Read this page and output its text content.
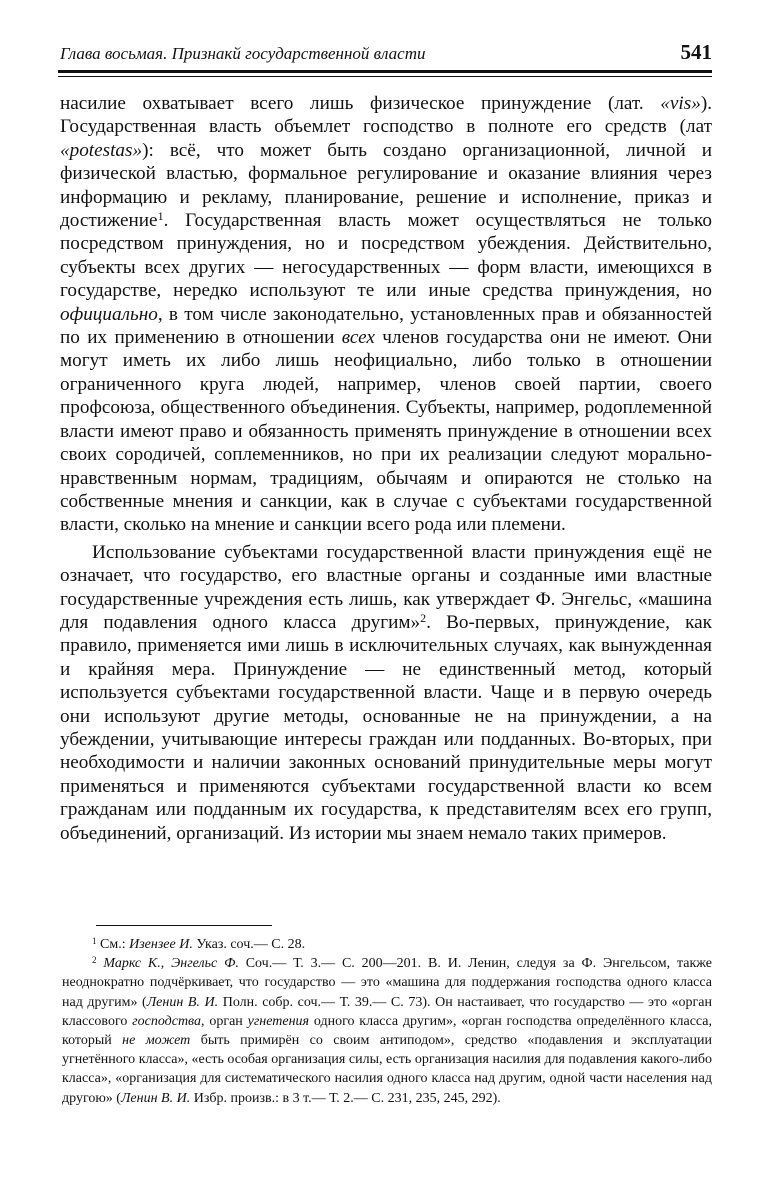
Глава восьмая. Признакй государственной власти	541

насилие охватывает всего лишь физическое принуждение (лат. «vis»). Государственная власть объемлет господство в полноте его средств (лат «potestas»): всё, что может быть создано организационной, личной и физической властью, формальное регулирование и оказание влияния через информацию и рекламу, планирование, решение и исполнение, приказ и достижение$^1$. Государственная власть может осуществляться не только посредством принуждения, но и посредством убеждения. Действительно, субъекты всех других — негосударственных — форм власти, имеющихся в государстве, нередко используют те или иные средства принуждения, но официально, в том числе законодательно, установленных прав и обязанностей по их применению в отношении всех членов государства они не имеют. Они могут иметь их либо лишь неофициально, либо только в отношении ограниченного круга людей, например, членов своей партии, своего профсоюза, общественного объединения. Субъекты, например, родоплеменной власти имеют право и обязанность применять принуждение в отношении всех своих сородичей, соплеменников, но при их реализации следуют морально-нравственным нормам, традициям, обычаям и опираются не столько на собственные мнения и санкции, как в случае с субъектами государственной власти, сколько на мнение и санкции всего рода или племени.

Использование субъектами государственной власти принуждения ещё не означает, что государство, его властные органы и созданные ими властные государственные учреждения есть лишь, как утверждает Ф. Энгельс, «машина для подавления одного класса другим»$^2$. Во-первых, принуждение, как правило, применяется ими лишь в исключительных случаях, как вынужденная и крайняя мера. Принуждение — не единственный метод, который используется субъектами государственной власти. Чаще и в первую очередь они используют другие методы, основанные не на принуждении, а на убеждении, учитывающие интересы граждан или подданных. Во-вторых, при необходимости и наличии законных оснований принудительные меры могут применяться и применяются субъектами государственной власти ко всем гражданам или подданным их государства, к представителям всех его групп, объединений, организаций. Из истории мы знаем немало таких примеров.

$^1$ См.: Изензее И. Указ. соч.— С. 28.

$^2$ Маркс К., Энгельс Ф. Соч.— Т. 3.— С. 200—201. В. И. Ленин, следуя за Ф. Энгельсом, также неоднократно подчёркивает, что государство — это «машина для поддержания господства одного класса над другим» (Ленин В. И. Полн. собр. соч.— Т. 39.— С. 73). Он настаивает, что государство — это «орган классового господства, орган угнетения одного класса другим», «орган господства определённого класса, который не может быть примирён со своим антиподом», средство «подавления и эксплуатации угнетённого класса», «есть особая организация силы, есть организация насилия для подавления какого-либо класса», «организация для систематического насилия одного класса над другим, одной части населения над другою» (Ленин В. И. Избр. произв.: в 3 т.— Т. 2.— С. 231, 235, 245, 292).
